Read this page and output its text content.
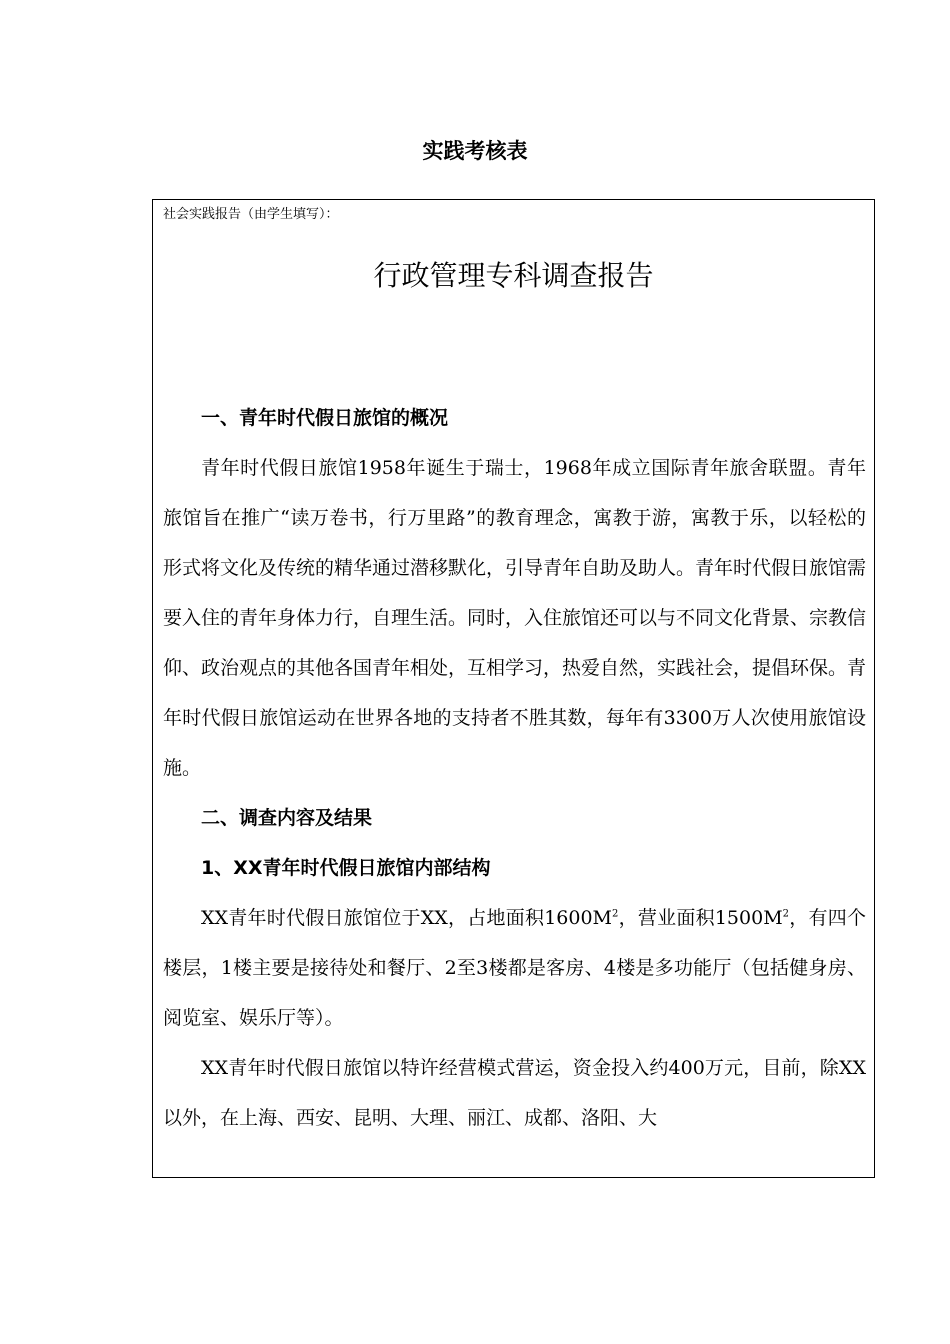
实践考核表
社会实践报告（由学生填写）：
行政管理专科调查报告

一、青年时代假日旅馆的概况

青年时代假日旅馆1958年诞生于瑞士，1968年成立国际青年旅舍联盟。青年旅馆旨在推广“读万卷书，行万里路”的教育理念，寓教于游，寓教于乐，以轻松的形式将文化及传统的精华通过潜移默化，引导青年自助及助人。青年时代假日旅馆需要入住的青年身体力行，自理生活。同时，入住旅馆还可以与不同文化背景、宗教信仰、政治观点的其他各国青年相处，互相学习，热爱自然，实践社会，提倡环保。青年时代假日旅馆运动在世界各地的支持者不胜其数，每年有3300万人次使用旅馆设施。

二、调查内容及结果

1、XX青年时代假日旅馆内部结构

XX青年时代假日旅馆位于XX，占地面积$1600M^2$，营业面积$1500M^2$，有四个楼层，1楼主要是接待处和餐厅、2至3楼都是客房、4楼是多功能厅（包括健身房、阅览室、娱乐厅等）。

XX青年时代假日旅馆以特许经营模式营运，资金投入约400万元，目前，除XX以外，在上海、西安、昆明、大理、丽江、成都、洛阳、大
